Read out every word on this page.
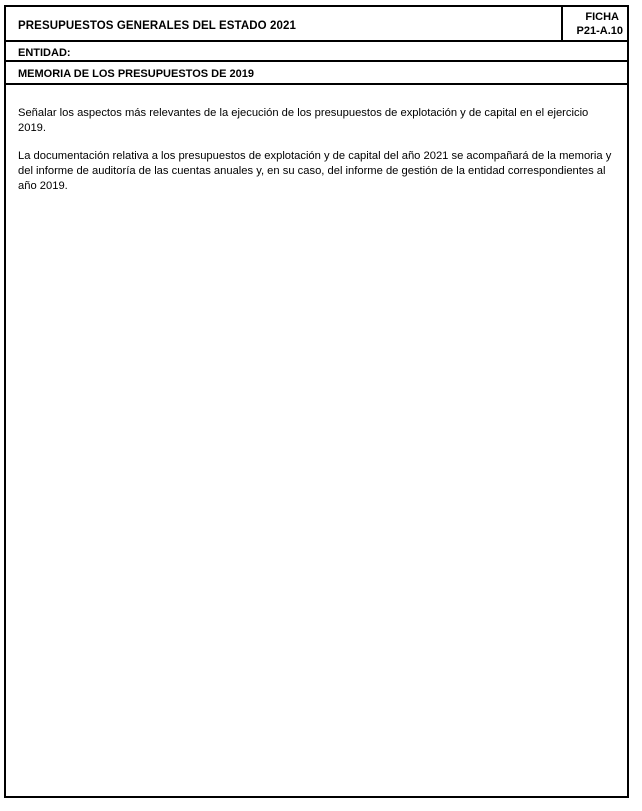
PRESUPUESTOS GENERALES DEL ESTADO 2021
FICHA
P21-A.10
ENTIDAD:
MEMORIA DE LOS PRESUPUESTOS DE 2019

Señalar los aspectos más relevantes de la ejecución de los presupuestos de explotación y de capital en el ejercicio 2019.

La documentación relativa a los presupuestos de explotación y de capital del año 2021 se acompañará de la memoria y del informe de auditoría de las cuentas anuales y, en su caso, del informe de gestión de la entidad correspondientes al año 2019.
